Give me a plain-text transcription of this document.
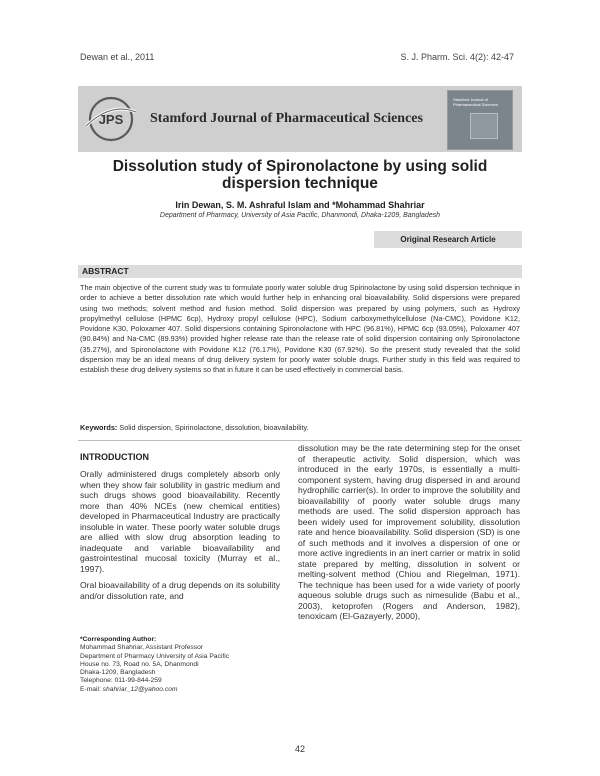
Dewan et al., 2011	S. J. Pharm. Sci. 4(2): 42-47
JPS Stamford Journal of Pharmaceutical Sciences
Stamford Journal of Pharmaceutical Sciences
Dissolution study of Spironolactone by using solid dispersion technique
Irin Dewan, S. M. Ashraful Islam and *Mohammad Shahriar
Department of Pharmacy, University of Asia Pacific, Dhanmondi, Dhaka-1209, Bangladesh
Original Research Article
ABSTRACT
The main objective of the current study was to formulate poorly water soluble drug Spirinolactone by using solid dispersion technique in order to achieve a better dissolution rate which would further help in enhancing oral bioavailability. Solid dispersions were prepared using two methods; solvent method and fusion method. Solid dispersion was prepared by using polymers, such as Hydroxy propylmethyl cellulose (HPMC 6cp), Hydroxy propyl cellulose (HPC), Sodium carboxymethylcellulose (Na-CMC), Povidone K12, Povidone K30, Poloxamer 407. Solid dispersions containing Spironolactone with HPC (96.81%), HPMC 6cp (93.05%), Poloxamer 407 (90.84%) and Na-CMC (89.93%) provided higher release rate than the release rate of solid dispersion containing only Spironolactone (35.27%), and Spironolactone with Povidone K12 (76.17%), Povidone K30 (67.92%). So the present study revealed that the solid dispersion may be an ideal means of drug delivery system for poorly water soluble drugs. Further study in this field was required to establish these drug delivery systems so that in future it can be used effectively in commercial basis.
Keywords: Solid dispersion, Spirinolactone, dissolution, bioavailability.
INTRODUCTION

Orally administered drugs completely absorb only when they show fair solubility in gastric medium and such drugs shows good bioavailability. Recently more than 40% NCEs (new chemical entities) developed in Pharmaceutical Industry are practically insoluble in water. These poorly water soluble drugs are allied with slow drug absorption leading to inadequate and variable bioavailability and gastrointestinal mucosal toxicity (Murray et al., 1997).

Oral bioavailability of a drug depends on its solubility and/or dissolution rate, and

dissolution may be the rate determining step for the onset of therapeutic activity. Solid dispersion, which was introduced in the early 1970s, is essentially a multi-component system, having drug dispersed in and around hydrophilic carrier(s). In order to improve the solubility and bioavailability of poorly water soluble drugs many methods are used. The solid dispersion approach has been widely used for improvement solubility, dissolution rate and hence bioavailability. Solid dispersion (SD) is one of such methods and it involves a dispersion of one or more active ingredients in an inert carrier or matrix in solid state prepared by melting, dissolution in solvent or melting-solvent method (Chiou and Riegelman, 1971). The technique has been used for a wide variety of poorly aqueous soluble drugs such as nimesulide (Babu et al., 2003), ketoprofen (Rogers and Anderson, 1982), tenoxicam (El-Gazayerly, 2000),

*Corresponding Author:
Mohammad Shahriar, Assistant Professor
Department of Pharmacy University of Asia Pacific
House no. 73, Road no. 5A, Dhanmondi
Dhaka-1209, Bangladesh
Telephone: 011-99-844-259
E-mail: shahriar_12@yahoo.com
42
